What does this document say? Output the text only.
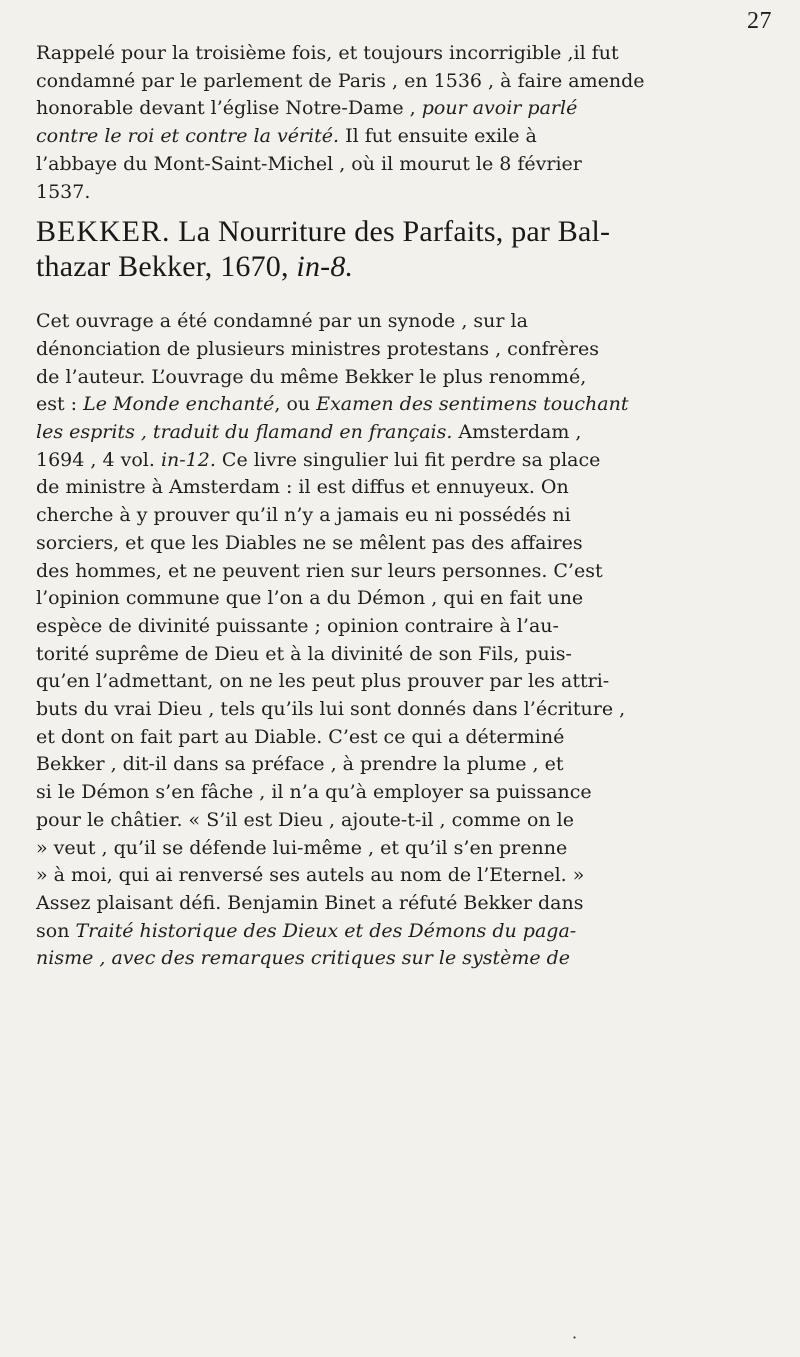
27

Rappelé pour la troisième fois, et toujours incorrigible ,il fut
condamné par le parlement de Paris , en 1536 , à faire amende
honorable devant l’église Notre-Dame , pour avoir parlé
contre le roi et contre la vérité. Il fut ensuite exile à
l’abbaye du Mont-Saint-Michel , où il mourut le 8 février
1537.

BEKKER. La Nourriture des Parfaits, par Bal-
thazar Bekker, 1670, in-8.

Cet ouvrage a été condamné par un synode , sur la
dénonciation de plusieurs ministres protestans , confrères
de l’auteur. L’ouvrage du même Bekker le plus renommé,
est : Le Monde enchanté, ou Examen des sentimens touchant
les esprits , traduit du flamand en français. Amsterdam ,
1694 , 4 vol. in-12. Ce livre singulier lui fit perdre sa place
de ministre à Amsterdam : il est diffus et ennuyeux. On
cherche à y prouver qu’il n’y a jamais eu ni possédés ni
sorciers, et que les Diables ne se mêlent pas des affaires
des hommes, et ne peuvent rien sur leurs personnes. C’est
l’opinion commune que l’on a du Démon , qui en fait une
espèce de divinité puissante ; opinion contraire à l’au-
torité suprême de Dieu et à la divinité de son Fils, puis-
qu’en l’admettant, on ne les peut plus prouver par les attri-
buts du vrai Dieu , tels qu’ils lui sont donnés dans l’écriture ,
et dont on fait part au Diable. C’est ce qui a déterminé
Bekker , dit-il dans sa préface , à prendre la plume , et
si le Démon s’en fâche , il n’a qu’à employer sa puissance
pour le châtier. « S’il est Dieu , ajoute-t-il , comme on le
» veut , qu’il se défende lui-même , et qu’il s’en prenne
» à moi, qui ai renversé ses autels au nom de l’Eternel. »
Assez plaisant défi. Benjamin Binet a réfuté Bekker dans
son Traité historique des Dieux et des Démons du paga-
nisme , avec des remarques critiques sur le système de

·
